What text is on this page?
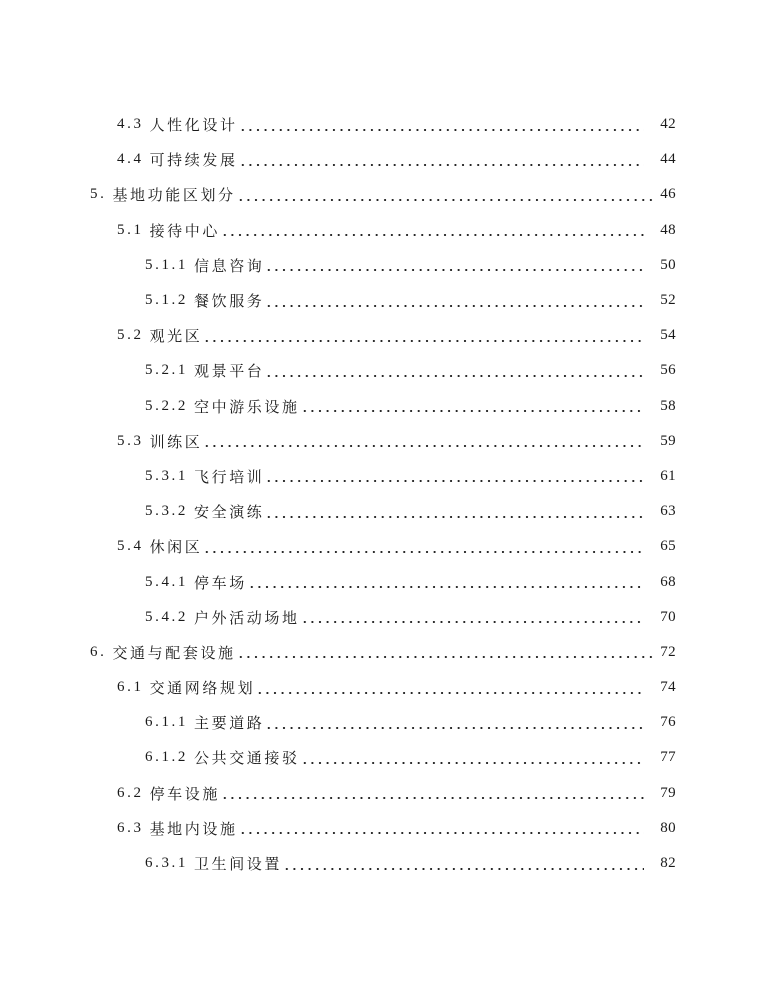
4.3 人性化设计	42
4.4 可持续发展	44
5. 基地功能区划分	46
5.1 接待中心	48
5.1.1 信息咨询	50
5.1.2 餐饮服务	52
5.2 观光区	54
5.2.1 观景平台	56
5.2.2 空中游乐设施	58
5.3 训练区	59
5.3.1 飞行培训	61
5.3.2 安全演练	63
5.4 休闲区	65
5.4.1 停车场	68
5.4.2 户外活动场地	70
6. 交通与配套设施	72
6.1 交通网络规划	74
6.1.1 主要道路	76
6.1.2 公共交通接驳	77
6.2 停车设施	79
6.3 基地内设施	80
6.3.1 卫生间设置	82
